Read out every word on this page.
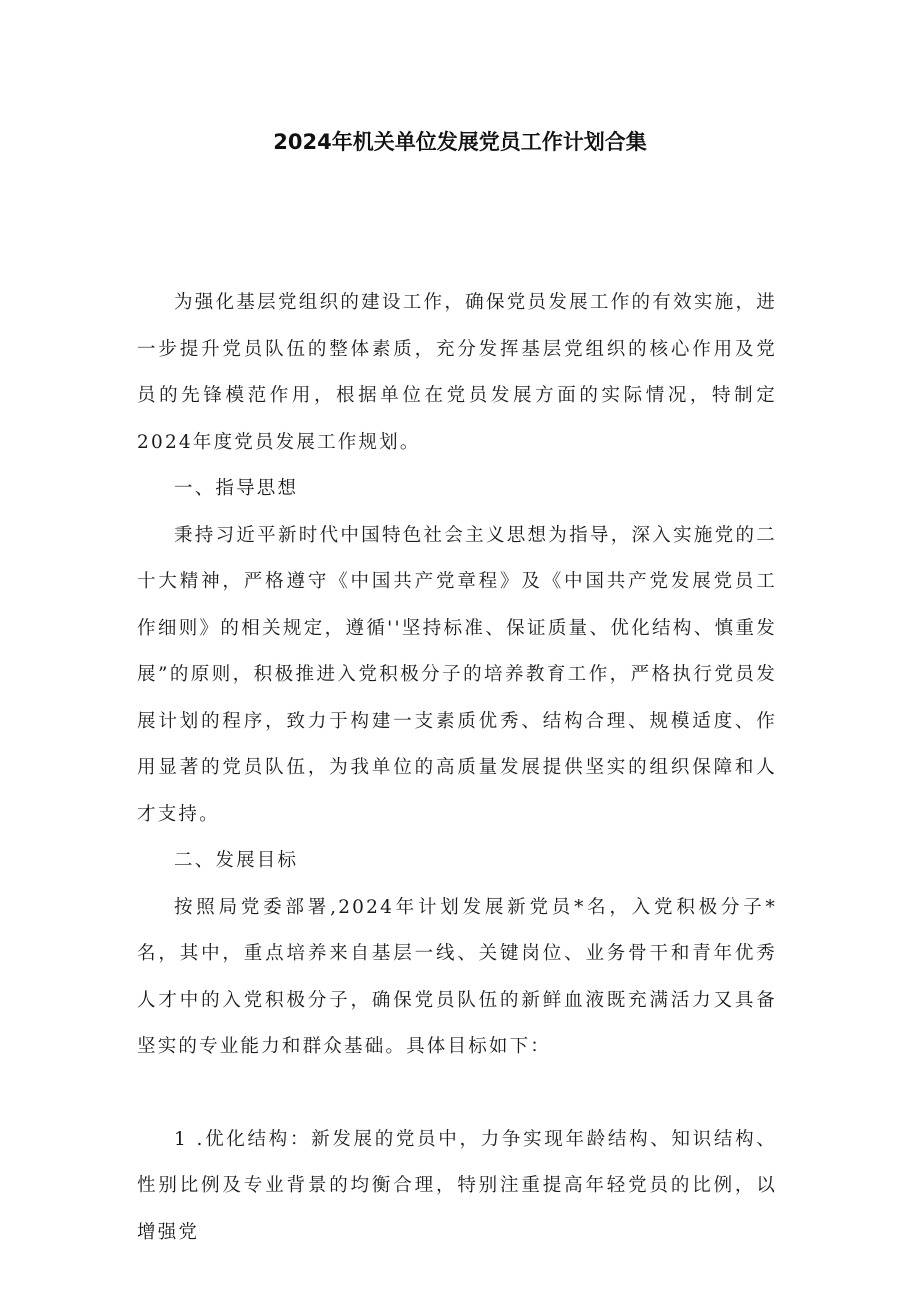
2024年机关单位发展党员工作计划合集

为强化基层党组织的建设工作，确保党员发展工作的有效实施，进一步提升党员队伍的整体素质，充分发挥基层党组织的核心作用及党员的先锋模范作用，根据单位在党员发展方面的实际情况，特制定2024年度党员发展工作规划。

一、指导思想

秉持习近平新时代中国特色社会主义思想为指导，深入实施党的二十大精神，严格遵守《中国共产党章程》及《中国共产党发展党员工作细则》的相关规定，遵循''坚持标准、保证质量、优化结构、慎重发展”的原则，积极推进入党积极分子的培养教育工作，严格执行党员发展计划的程序，致力于构建一支素质优秀、结构合理、规模适度、作用显著的党员队伍，为我单位的高质量发展提供坚实的组织保障和人才支持。

二、发展目标

按照局党委部署,2024年计划发展新党员*名，入党积极分子*名，其中，重点培养来自基层一线、关键岗位、业务骨干和青年优秀人才中的入党积极分子，确保党员队伍的新鲜血液既充满活力又具备坚实的专业能力和群众基础。具体目标如下：

1 .优化结构：新发展的党员中，力争实现年龄结构、知识结构、性别比例及专业背景的均衡合理，特别注重提高年轻党员的比例，以增强党
